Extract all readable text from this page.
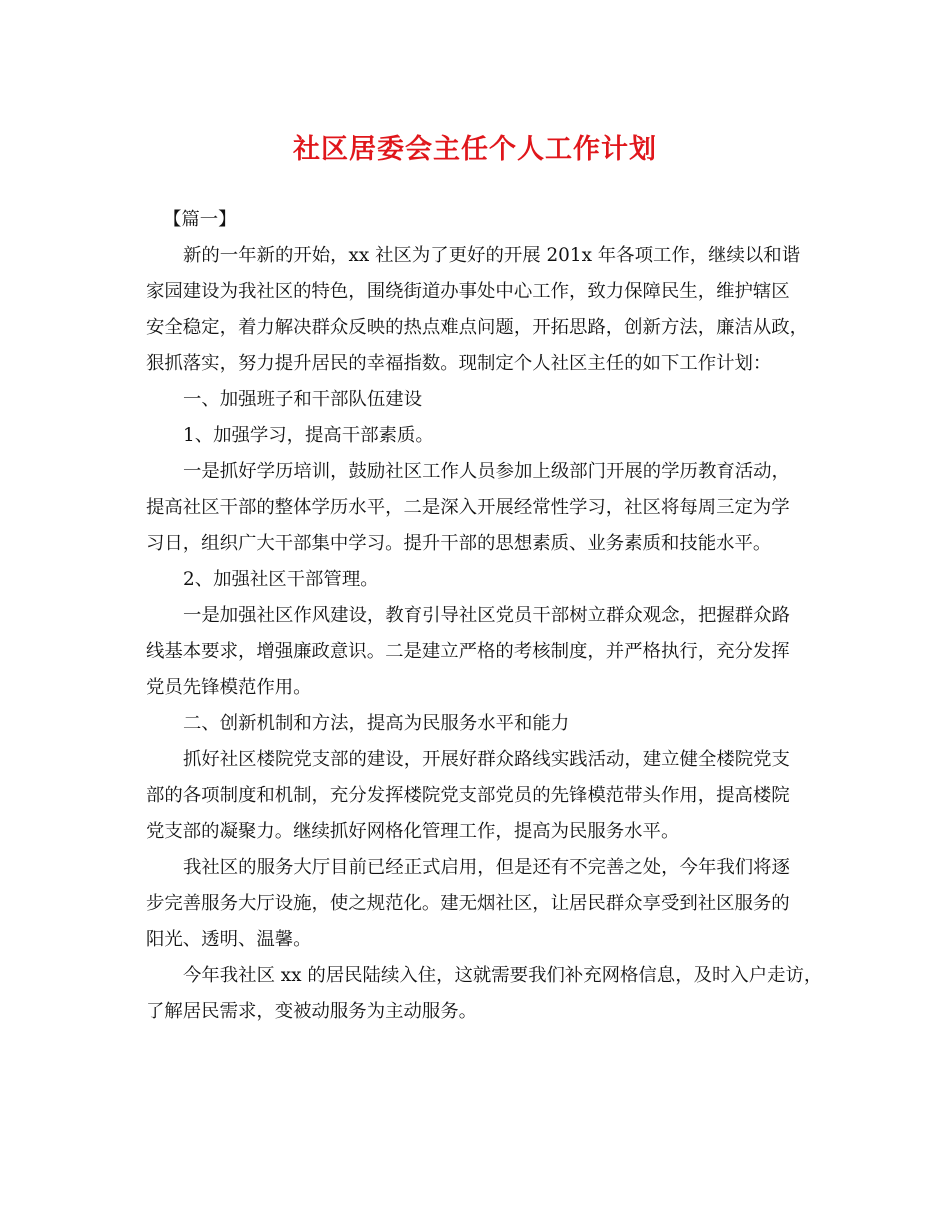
社区居委会主任个人工作计划
【篇一】
新的一年新的开始，xx 社区为了更好的开展 201x 年各项工作，继续以和谐
家园建设为我社区的特色，围绕街道办事处中心工作，致力保障民生，维护辖区
安全稳定，着力解决群众反映的热点难点问题，开拓思路，创新方法，廉洁从政，
狠抓落实，努力提升居民的幸福指数。现制定个人社区主任的如下工作计划：
一、加强班子和干部队伍建设
1、加强学习，提高干部素质。
一是抓好学历培训，鼓励社区工作人员参加上级部门开展的学历教育活动，
提高社区干部的整体学历水平，二是深入开展经常性学习，社区将每周三定为学
习日，组织广大干部集中学习。提升干部的思想素质、业务素质和技能水平。
2、加强社区干部管理。
一是加强社区作风建设，教育引导社区党员干部树立群众观念，把握群众路
线基本要求，增强廉政意识。二是建立严格的考核制度，并严格执行，充分发挥
党员先锋模范作用。
二、创新机制和方法，提高为民服务水平和能力
抓好社区楼院党支部的建设，开展好群众路线实践活动，建立健全楼院党支
部的各项制度和机制，充分发挥楼院党支部党员的先锋模范带头作用，提高楼院
党支部的凝聚力。继续抓好网格化管理工作，提高为民服务水平。
我社区的服务大厅目前已经正式启用，但是还有不完善之处，今年我们将逐
步完善服务大厅设施，使之规范化。建无烟社区，让居民群众享受到社区服务的
阳光、透明、温馨。
今年我社区 xx 的居民陆续入住，这就需要我们补充网格信息，及时入户走访，
了解居民需求，变被动服务为主动服务。
